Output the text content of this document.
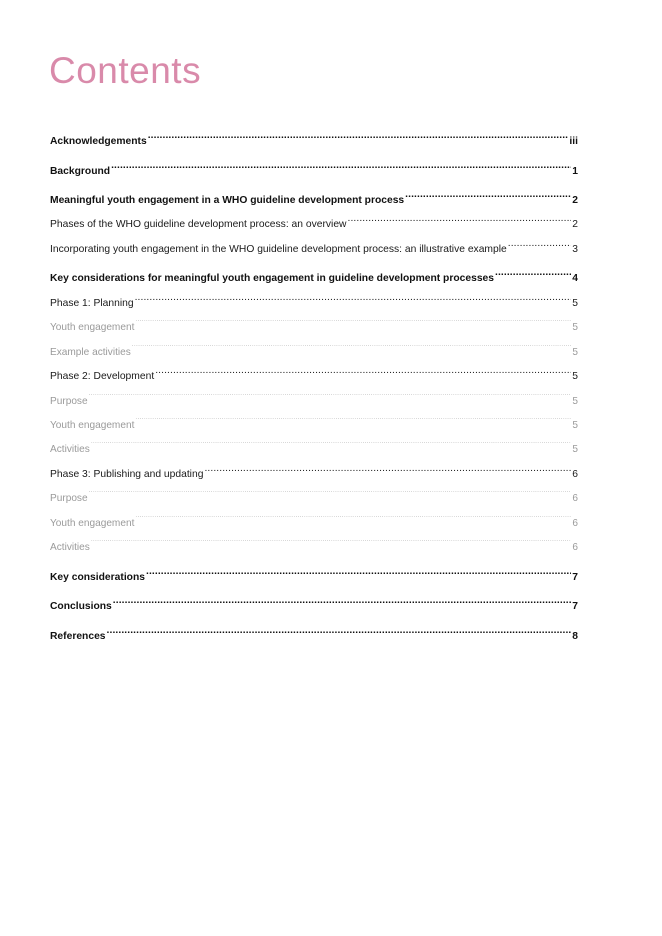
Contents
Acknowledgements .....	iii
Background .....	1
Meaningful youth engagement in a WHO guideline development process .....	2
Phases of the WHO guideline development process: an overview .....	2
Incorporating youth engagement in the WHO guideline development process: an illustrative example .....	3
Key considerations for meaningful youth engagement in guideline development processes .....	4
Phase 1: Planning .....	5
Youth engagement .....	5
Example activities .....	5
Phase 2: Development .....	5
Purpose .....	5
Youth engagement .....	5
Activities .....	5
Phase 3: Publishing and updating .....	6
Purpose .....	6
Youth engagement .....	6
Activities .....	6
Key considerations .....	7
Conclusions .....	7
References .....	8
